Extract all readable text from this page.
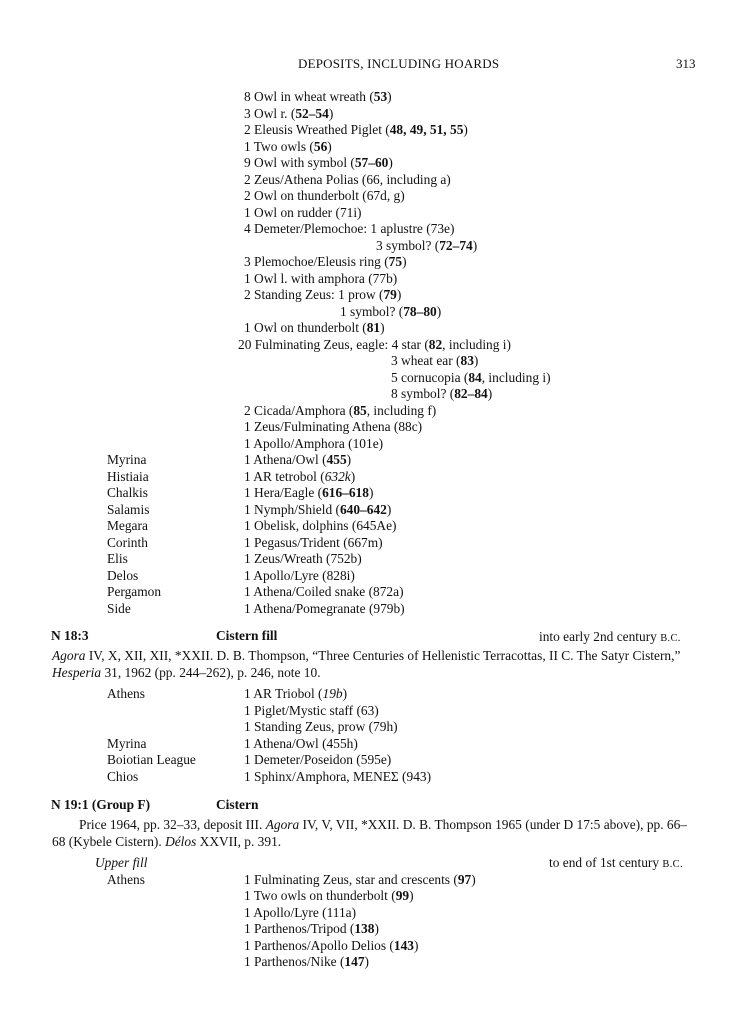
DEPOSITS, INCLUDING HOARDS	313
8 Owl in wheat wreath (53)
3 Owl r. (52–54)
2 Eleusis Wreathed Piglet (48, 49, 51, 55)
1 Two owls (56)
9 Owl with symbol (57–60)
2 Zeus/Athena Polias (66, including a)
2 Owl on thunderbolt (67d, g)
1 Owl on rudder (71i)
4 Demeter/Plemochoe: 1 aplustre (73e)
3 symbol? (72–74)
3 Plemochoe/Eleusis ring (75)
1 Owl l. with amphora (77b)
2 Standing Zeus: 1 prow (79)
1 symbol? (78–80)
1 Owl on thunderbolt (81)
20 Fulminating Zeus, eagle: 4 star (82, including i)
3 wheat ear (83)
5 cornucopia (84, including i)
8 symbol? (82–84)
2 Cicada/Amphora (85, including f)
1 Zeus/Fulminating Athena (88c)
1 Apollo/Amphora (101e)
Myrina	1 Athena/Owl (455)
Histiaia	1 AR tetrobol (632k)
Chalkis	1 Hera/Eagle (616–618)
Salamis	1 Nymph/Shield (640–642)
Megara	1 Obelisk, dolphins (645Ae)
Corinth	1 Pegasus/Trident (667m)
Elis	1 Zeus/Wreath (752b)
Delos	1 Apollo/Lyre (828i)
Pergamon	1 Athena/Coiled snake (872a)
Side	1 Athena/Pomegranate (979b)
N 18:3	Cistern fill	into early 2nd century B.C.
Agora IV, X, XII, XII, *XXII. D. B. Thompson, “Three Centuries of Hellenistic Terracottas, II C. The Satyr Cistern,” Hesperia 31, 1962 (pp. 244–262), p. 246, note 10.
Athens	1 AR Triobol (19b)
1 Piglet/Mystic staff (63)
1 Standing Zeus, prow (79h)
Myrina	1 Athena/Owl (455h)
Boiotian League	1 Demeter/Poseidon (595e)
Chios	1 Sphinx/Amphora, ΜΕΝΕΣ (943)
N 19:1 (Group F)	Cistern
Price 1964, pp. 32–33, deposit III. Agora IV, V, VII, *XXII. D. B. Thompson 1965 (under D 17:5 above), pp. 66–68 (Kybele Cistern). Délos XXVII, p. 391.
Upper fill	to end of 1st century B.C.
Athens	1 Fulminating Zeus, star and crescents (97)
1 Two owls on thunderbolt (99)
1 Apollo/Lyre (111a)
1 Parthenos/Tripod (138)
1 Parthenos/Apollo Delios (143)
1 Parthenos/Nike (147)
